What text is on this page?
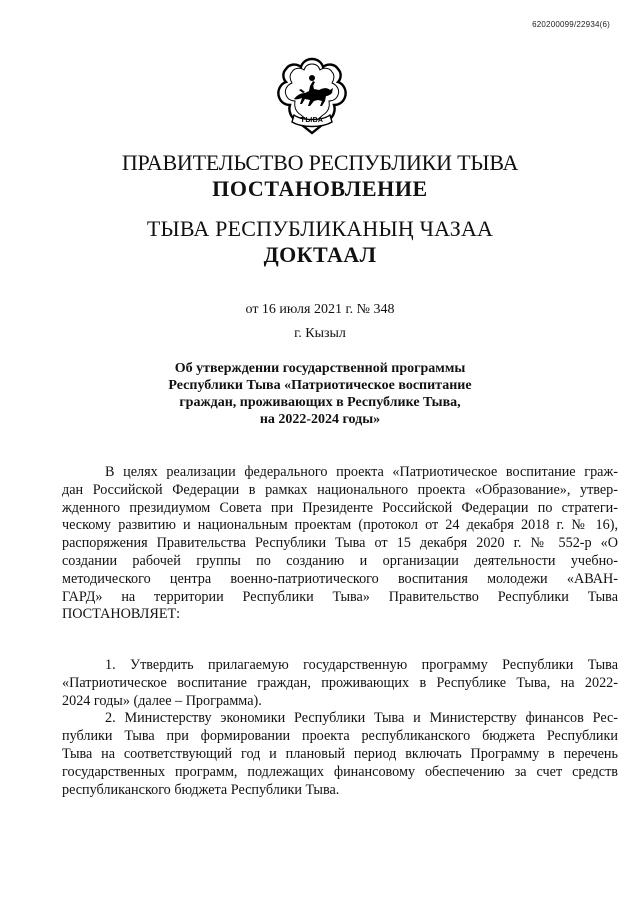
620200099/22934(6)
ТЫВА
ПРАВИТЕЛЬСТВО РЕСПУБЛИКИ ТЫВА
ПОСТАНОВЛЕНИЕ
ТЫВА РЕСПУБЛИКАНЫҢ ЧАЗАА
ДОКТААЛ
от 16 июля 2021 г. № 348
г. Кызыл
Об утверждении государственной программы
Республики Тыва «Патриотическое воспитание
граждан, проживающих в Республике Тыва,
на 2022-2024 годы»
В целях реализации федерального проекта «Патриотическое воспитание граж-
дан Российской Федерации в рамках национального проекта «Образование», утвер-
жденного президиумом Совета при Президенте Российской Федерации по стратеги-
ческому развитию и национальным проектам (протокол от 24 декабря 2018 г. № 16),
распоряжения Правительства Республики Тыва от 15 декабря 2020 г. № 552-р «О
создании рабочей группы по созданию и организации деятельности учебно-
методического центра военно-патриотического воспитания молодежи «АВАН-
ГАРД» на территории Республики Тыва» Правительство Республики Тыва
ПОСТАНОВЛЯЕТ:
1. Утвердить прилагаемую государственную программу Республики Тыва
«Патриотическое воспитание граждан, проживающих в Республике Тыва, на 2022-
2024 годы» (далее – Программа).
2. Министерству экономики Республики Тыва и Министерству финансов Рес-
публики Тыва при формировании проекта республиканского бюджета Республики
Тыва на соответствующий год и плановый период включать Программу в перечень
государственных программ, подлежащих финансовому обеспечению за счет средств
республиканского бюджета Республики Тыва.
